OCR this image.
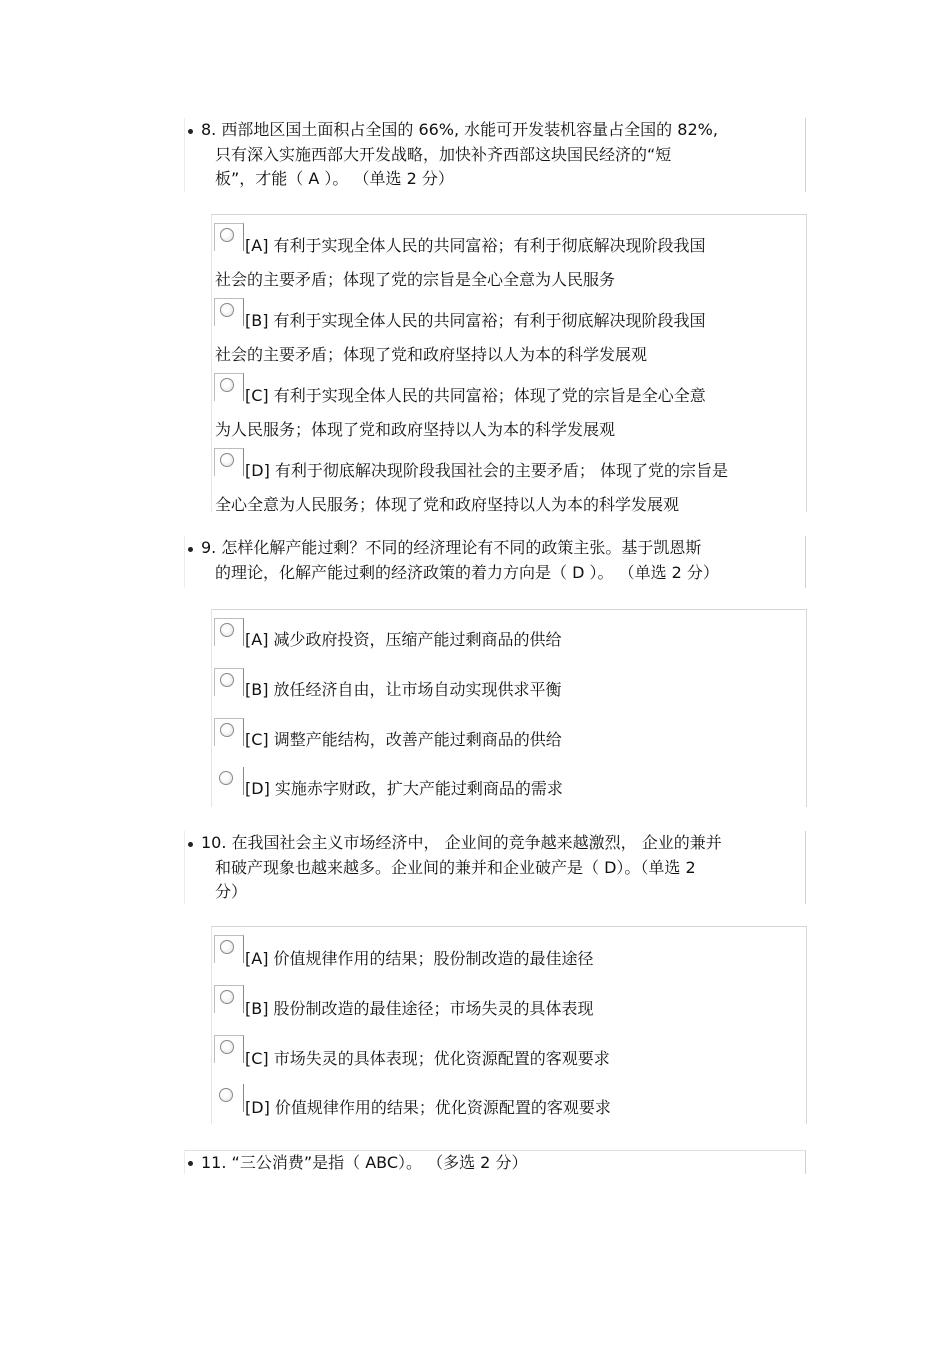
8. 西部地区国土面积占全国的 66%, 水能可开发装机容量占全国的 82%,
只有深入实施西部大开发战略，加快补齐西部这块国民经济的“短
板”，才能（ A ）。 （单选 2 分）
[A] 有利于实现全体人民的共同富裕；有利于彻底解决现阶段我国
社会的主要矛盾；体现了党的宗旨是全心全意为人民服务
[B] 有利于实现全体人民的共同富裕；有利于彻底解决现阶段我国
社会的主要矛盾；体现了党和政府坚持以人为本的科学发展观
[C] 有利于实现全体人民的共同富裕；体现了党的宗旨是全心全意
为人民服务；体现了党和政府坚持以人为本的科学发展观
[D] 有利于彻底解决现阶段我国社会的主要矛盾； 体现了党的宗旨是
全心全意为人民服务；体现了党和政府坚持以人为本的科学发展观
9. 怎样化解产能过剩？不同的经济理论有不同的政策主张。基于凯恩斯
的理论，化解产能过剩的经济政策的着力方向是（ D ）。 （单选 2 分）
[A] 减少政府投资，压缩产能过剩商品的供给
[B] 放任经济自由，让市场自动实现供求平衡
[C] 调整产能结构，改善产能过剩商品的供给
[D] 实施赤字财政，扩大产能过剩商品的需求
10. 在我国社会主义市场经济中， 企业间的竞争越来越激烈， 企业的兼并
和破产现象也越来越多。企业间的兼并和企业破产是（ D）。（单选 2
分）
[A] 价值规律作用的结果；股份制改造的最佳途径
[B] 股份制改造的最佳途径；市场失灵的具体表现
[C] 市场失灵的具体表现；优化资源配置的客观要求
[D] 价值规律作用的结果；优化资源配置的客观要求
11. “三公消费”是指（ ABC）。 （多选 2 分）
